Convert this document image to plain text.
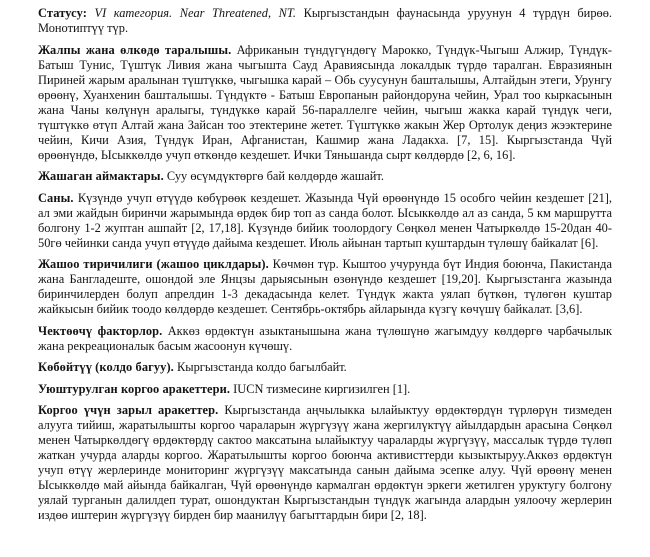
Статусу: VI категория. Near Threatened, NT. Кыргызстандын фаунасында уруунун 4 түрдүн бирөө. Монотиптүү түр.

Жалпы жана өлкөдө таралышы. Африканын түндүгүндөгү Марокко, Түндүк-Чыгыш Алжир, Түндүк-Батыш Тунис, Түштүк Ливия жана чыгышта Сауд Аравиясында локалдык түрдө таралган. Евразиянын Пириней жарым аралынан түштүккө, чыгышка карай – Обь суусунун башталышы, Алтайдын этеги, Урунгу өрөөнү, Хуанхенин башталышы. Түндүктө - Батыш Европанын райондоруна чейин, Урал тоо кыркасынын жана Чаны көлүнүн аралыгы, түндүккө карай 56-параллелге чейин, чыгыш жакка карай түндүк чеги, түштүккө өтүп Алтай жана Зайсан тоо этектерине жетет. Түштүккө жакын Жер Ортолук деңиз жээктерине чейин, Кичи Азия, Түндүк Иран, Афганистан, Кашмир жана Ладакха. [7, 15]. Кыргызстанда Чүй өрөөнүндө, Ысыккөлдө учуп өткөндө кездешет. Ички Тяньшанда сырт көлдөрдө [2, 6, 16].

Жашаган аймактары. Суу өсүмдүктөргө бай көлдөрдө жашайт.

Саны. Күзүндө учуп өтүүдө көбүрөөк кездешет. Жазында Чүй өрөөнүндө 15 особго чейин кездешет [21], ал эми жайдын биринчи жарымында өрдөк бир топ аз санда болот. Ысыккөлдө ал аз санда, 5 км маршрутта болгону 1-2 жуптан ашпайт [2, 17,18]. Күзүндө бийик тоолордогу Сөңкөл менен Чатыркөлдө 15-20дан 40-50гө чейинки санда учуп өтүүдө дайыма кездешет. Июль айынан тартып куштардын түлөшү байкалат [6].

Жашоо тиричилиги (жашоо циклдары). Көчмөн түр. Кыштоо учурунда бүт Индия боюнча, Пакистанда жана Бангладеште, ошондой эле Янцзы дарыясынын өзөнүндө кездешет [19,20]. Кыргызстанга жазында биринчилерден болуп апрелдин 1-3 декадасында келет. Түндүк жакта уялап бүткөн, түлөгөн куштар жайкысын бийик тоодо көлдөрдө кездешет. Сентябрь-октябрь айларында күзгү көчүшү байкалат. [3,6].

Чектөөчү факторлор. Аккөз өрдөктүн азыктанышына жана түлөшүнө жагымдуу көлдөргө чарбачылык жана рекреационалык басым жасоонун күчөшү.

Көбөйтүү (колдо багуу). Кыргызстанда колдо багылбайт.

Уюштурулган коргоо аракеттери. IUCN тизмесине киргизилген [1].

Коргоо үчүн зарыл аракеттер. Кыргызстанда аңчылыкка ылайыктуу өрдөктөрдүн түрлөрүн тизмеден алууга тийиш, жаратылышты коргоо чараларын жүргүзүү жана жергилүктүү айылдардын арасына Сөңкөл менен Чатыркөлдөгү өрдөктөрдү сактоо максатына ылайыктуу чараларды жүргүзүү, массалык түрдө түлөп жаткан учурда аларды коргоо. Жаратылышты коргоо боюнча активисттерди кызыктыруу.Аккөз өрдөктүн учуп өтүү жерлеринде мониторинг жүргүзүү максатында санын дайыма эсепке алуу. Чүй өрөөнү менен Ысыккөлдө май айында байкалган, Чүй өрөөнүндө кармалган өрдөктүн эркеги жетилген уруктугу болгону уялай турганын далилдеп турат, ошондуктан Кыргызстандын түндүк жагында алардын уялоочу жерлерин издөө иштерин жүргүзүү бирден бир маанилүү багыттардын бири [2, 18].
